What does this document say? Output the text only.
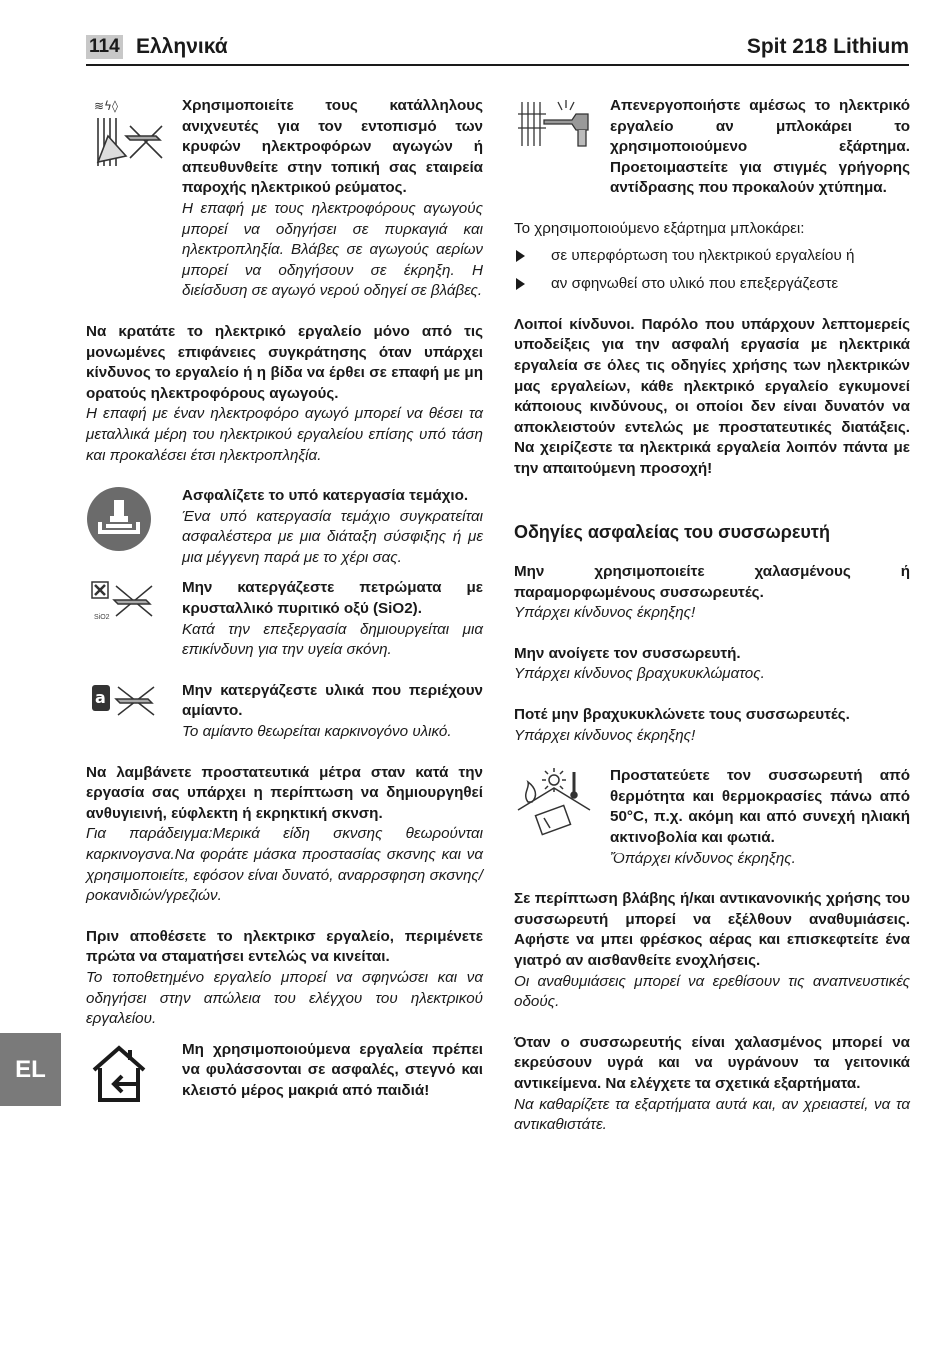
114 Ελληνικά	Spit 218 Lithium
EL
≋ϟ◊	Χρησιμοποιείτε τους κατάλληλους ανιχνευτές για τον εντοπισμό των κρυφών ηλεκτροφόρων αγωγών ή απευθυνθείτε στην τοπική σας εταιρεία παροχής ηλεκτρικού ρεύματος.

Η επαφή με τους ηλεκτροφόρους αγωγούς μπορεί να οδηγήσει σε πυρκαγιά και ηλεκτροπληξία. Βλάβες σε αγωγούς αερίων μπορεί να οδηγήσουν σε έκρηξη. Η διείσδυση σε αγωγό νερού οδηγεί σε βλάβες.

Να κρατάτε το ηλεκτρικό εργαλείο μόνο από τις μονωμένες επιφάνειες συγκράτησης όταν υπάρχει κίνδυνος το εργαλείο ή η βίδα να έρθει σε επαφή με μη ορατούς ηλεκτροφόρους αγωγούς.

Η επαφή με έναν ηλεκτροφόρο αγωγό μπορεί να θέσει τα μεταλλικά μέρη του ηλεκτρικού εργαλείου επίσης υπό τάση και προκαλέσει έτσι ηλεκτροπληξία.

Ασφαλίζετε το υπό κατεργασία τεμάχιο.

Ένα υπό κατεργασία τεμάχιο συγκρατείται ασφαλέστερα με μια διάταξη σύσφιξης ή με μια μέγγενη παρά με το χέρι σας.

SiO2

Μην κατεργάζεστε πετρώματα με κρυσταλλικό πυριτικό οξύ (SiO2).

Κατά την επεξεργασία δημιουργείται μια επικίνδυνη για την υγεία σκόνη.

a
ASBEST

Μην κατεργάζεστε υλικά που περιέχουν αμίαντο.

Το αμίαντο θεωρείται καρκινογόνο υλικό.

Να λαμβάνετε προστατευτικά μέτρα σταν κατά την εργασία σας υπάρχει η περίπτωση να δημιουργηθεί ανθυγιεινή, εύφλεκτη ή εκρηκτική σκνση.

Για παράδειγμα:Μερικά είδη σκνσης θεωρούνται καρκινογσνα.Να φοράτε μάσκα προστασίας σκσνης και να χρησιμοποιείτε, εφόσον είναι δυνατό, αναρρσφηση σκσνης/ροκανιδιών/γρεζιών.

Πριν αποθέσετε το ηλεκτρικσ εργαλείο, περιμένετε πρώτα να σταματήσει εντελώς να κινείται.

Το τοποθετημένο εργαλείο μπορεί να σφηνώσει και να οδηγήσει στην απώλεια του ελέγχου του ηλεκτρικού εργαλείου.

Μη χρησιμοποιούμενα εργαλεία πρέπει να φυλάσσονται σε ασφαλές, στεγνό και κλειστό μέρος μακριά από παιδιά!

Απενεργοποιήστε αμέσως το ηλεκτρικό εργαλείο αν μπλοκάρει το χρησιμοποιούμενο εξάρτημα. Προετοιμαστείτε για στιγμές γρήγορης αντίδρασης που προκαλούν χτύπημα.

Το χρησιμοποιούμενο εξάρτημα μπλοκάρει:

σε υπερφόρτωση του ηλεκτρικού εργαλείου ή
αν σφηνωθεί στο υλικό που επεξεργάζεστε

Λοιποί κίνδυνοι. Παρόλο που υπάρχουν λεπτομερείς υποδείξεις για την ασφαλή εργασία με ηλεκτρικά εργαλεία σε όλες τις οδηγίες χρήσης των ηλεκτρικών μας εργαλείων, κάθε ηλεκτρικό εργαλείο εγκυμονεί κάποιους κινδύνους, οι οποίοι δεν είναι δυνατόν να αποκλειστούν εντελώς με προστατευτικές διατάξεις. Να χειρίζεστε τα ηλεκτρικά εργαλεία λοιπόν πάντα με την απαιτούμενη προσοχή!

Οδηγίες ασφαλείας του συσσωρευτή

Μην χρησιμοποιείτε χαλασμένους ή παραμορφωμένους συσσωρευτές.

Υπάρχει κίνδυνος έκρηξης!

Μην ανοίγετε τον συσσωρευτή.

Υπάρχει κίνδυνος βραχυκυκλώματος.

Ποτέ μην βραχυκυκλώνετε τους συσσωρευτές.

Υπάρχει κίνδυνος έκρηξης!

Προστατεύετε τον συσσωρευτή από θερμότητα και θερμοκρασίες πάνω από 50°C, π.χ. ακόμη και από συνεχή ηλιακή ακτινοβολία και φωτιά.

Ὄπάρχει κίνδυνος έκρηξης.

Σε περίπτωση βλάβης ή/και αντικανονικής χρήσης του συσσωρευτή μπορεί να εξέλθουν αναθυμιάσεις. Αφήστε να μπει φρέσκος αέρας και επισκεφτείτε ένα γιατρό αν αισθανθείτε ενοχλήσεις.

Οι αναθυμιάσεις μπορεί να ερεθίσουν τις αναπνευστικές οδούς.

Όταν ο συσσωρευτής είναι χαλασμένος μπορεί να εκρεύσουν υγρά και να υγράνουν τα γειτονικά αντικείμενα. Να ελέγχετε τα σχετικά εξαρτήματα.

Να καθαρίζετε τα εξαρτήματα αυτά και, αν χρειαστεί, να τα αντικαθιστάτε.
